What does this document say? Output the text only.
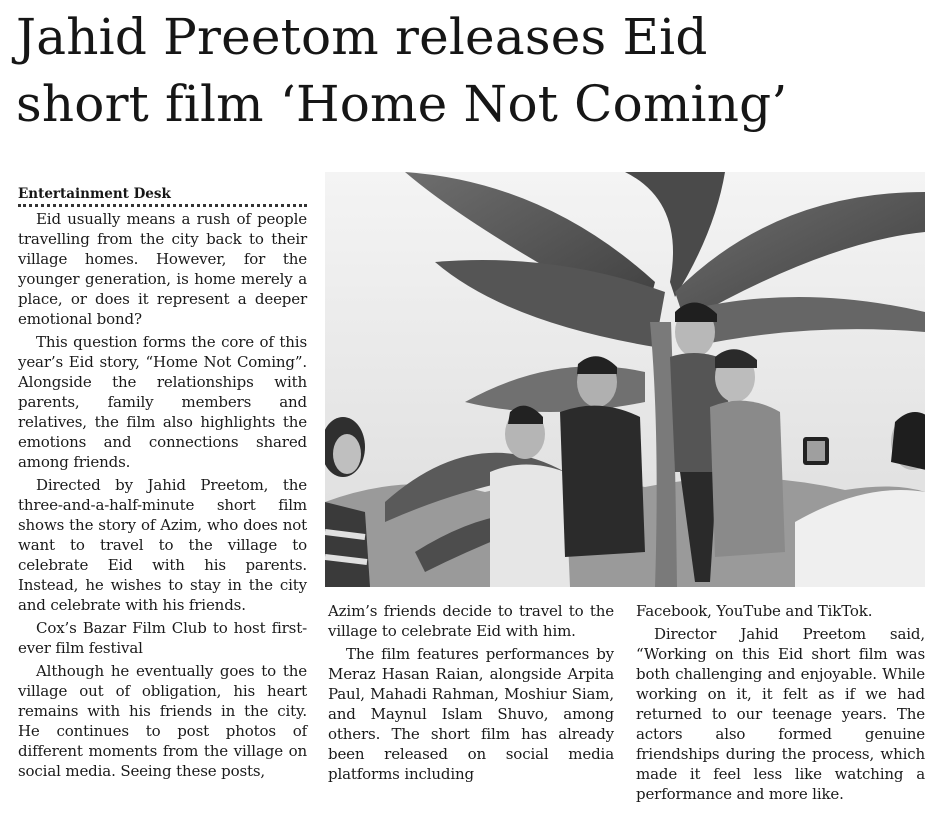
Jahid Preetom releases Eid
short film ‘Home Not Coming’
Entertainment Desk

Eid usually means a rush of people travelling from the city back to their village homes. However, for the younger generation, is home merely a place, or does it represent a deeper emotional bond?

This question forms the core of this year’s Eid story, “Home Not Coming”. Alongside the relationships with parents, family members and relatives, the film also highlights the emotions and connections shared among friends.

Directed by Jahid Preetom, the three-and-a-half-minute short film shows the story of Azim, who does not want to travel to the village to celebrate Eid with his parents. Instead, he wishes to stay in the city and celebrate with his friends.

Cox’s Bazar Film Club to host first-ever film festival

Although he eventually goes to the village out of obligation, his heart remains with his friends in the city. He continues to post photos of different moments from the village on social media. Seeing these posts,

Azim’s friends decide to travel to the village to celebrate Eid with him.

The film features performances by Meraz Hasan Raian, alongside Arpita Paul, Mahadi Rahman, Moshiur Siam, and Maynul Islam Shuvo, among others. The short film has already been released on social media platforms including

Facebook, YouTube and TikTok.

Director Jahid Preetom said, “Working on this Eid short film was both challenging and enjoyable. While working on it, it felt as if we had returned to our teenage years. The actors also formed genuine friendships during the process, which made it feel less like watching a performance and more like.
